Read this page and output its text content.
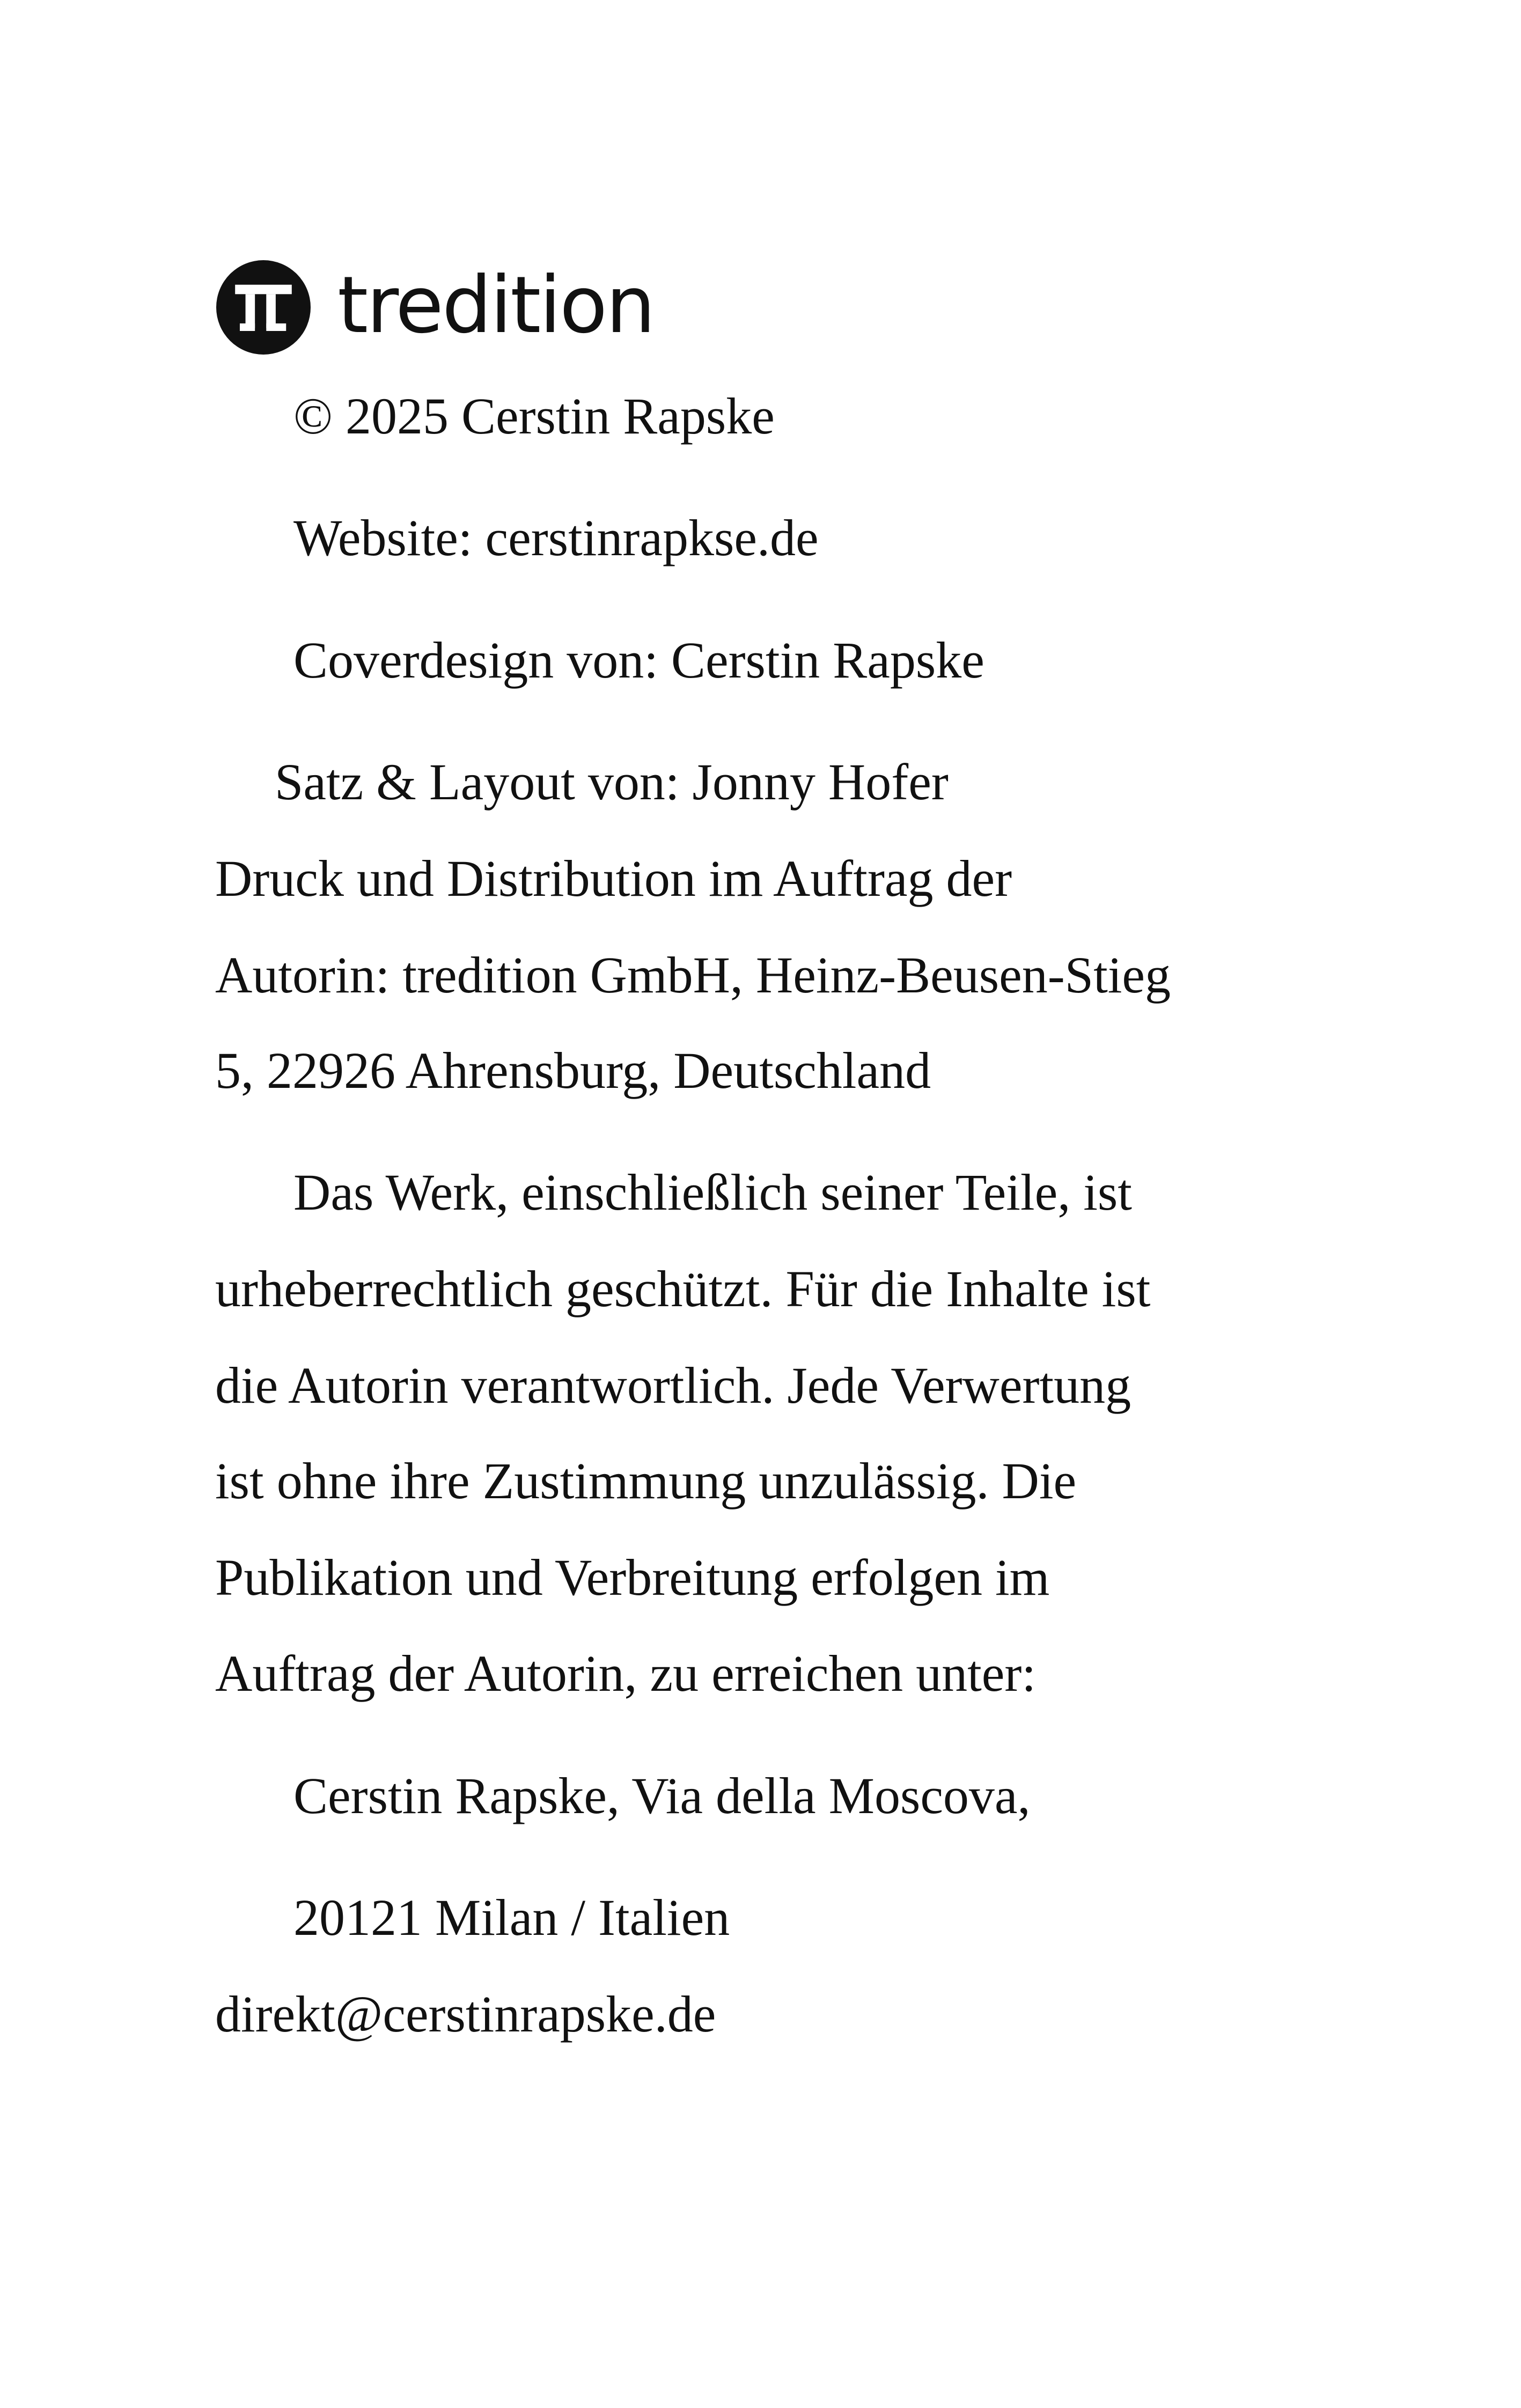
tredition
© 2025 Cerstin Rapske
Website: cerstinrapkse.de
Coverdesign von: Cerstin Rapske
Satz & Layout von: Jonny Hofer
Druck und Distribution im Auftrag der
Autorin: tredition GmbH, Heinz-Beusen-Stieg
5, 22926 Ahrensburg, Deutschland
Das Werk, einschließlich seiner Teile, ist
urheberrechtlich geschützt. Für die Inhalte ist
die Autorin verantwortlich. Jede Verwertung
ist ohne ihre Zustimmung unzulässig. Die
Publikation und Verbreitung erfolgen im
Auftrag der Autorin, zu erreichen unter:
Cerstin Rapske, Via della Moscova,
20121 Milan / Italien
direkt@cerstinrapske.de
